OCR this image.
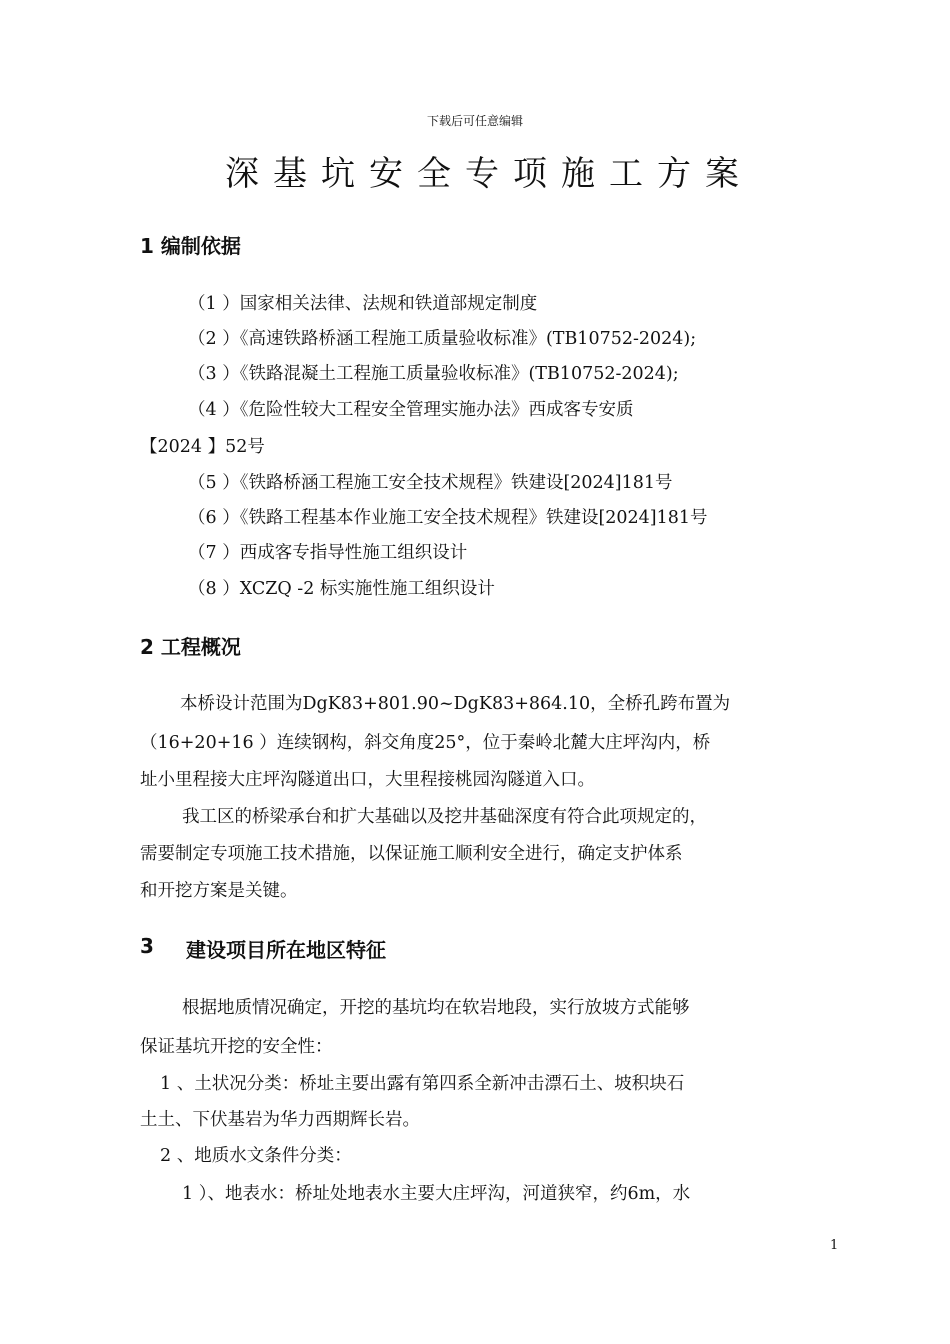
下载后可任意编辑
深基坑安全专项施工方案
1 编制依据
（1 ）国家相关法律、法规和铁道部规定制度
（2 ）《高速铁路桥涵工程施工质量验收标准》(TB10752-2024);
（3 ）《铁路混凝土工程施工质量验收标准》(TB10752-2024);
（4 ）《危险性较大工程安全管理实施办法》西成客专安质
【2024 】52号
（5 ）《铁路桥涵工程施工安全技术规程》铁建设[2024]181号
（6 ）《铁路工程基本作业施工安全技术规程》铁建设[2024]181号
（7 ）西成客专指导性施工组织设计
（8 ）XCZQ -2 标实施性施工组织设计
2 工程概况
本桥设计范围为DgK83+801.90~DgK83+864.10，全桥孔跨布置为
（16+20+16 ）连续钢构，斜交角度25°，位于秦岭北麓大庄坪沟内，桥
址小里程接大庄坪沟隧道出口，大里程接桃园沟隧道入口。
我工区的桥梁承台和扩大基础以及挖井基础深度有符合此项规定的，
需要制定专项施工技术措施，以保证施工顺利安全进行，确定支护体系
和开挖方案是关键。
3 建设项目所在地区特征
根据地质情况确定，开挖的基坑均在软岩地段，实行放坡方式能够
保证基坑开挖的安全性：
1 、土状况分类：桥址主要出露有第四系全新冲击漂石土、坡积块石
土土、下伏基岩为华力西期辉长岩。
2 、地质水文条件分类：
1 ）、地表水：桥址处地表水主要大庄坪沟，河道狭窄，约6m，水
1
